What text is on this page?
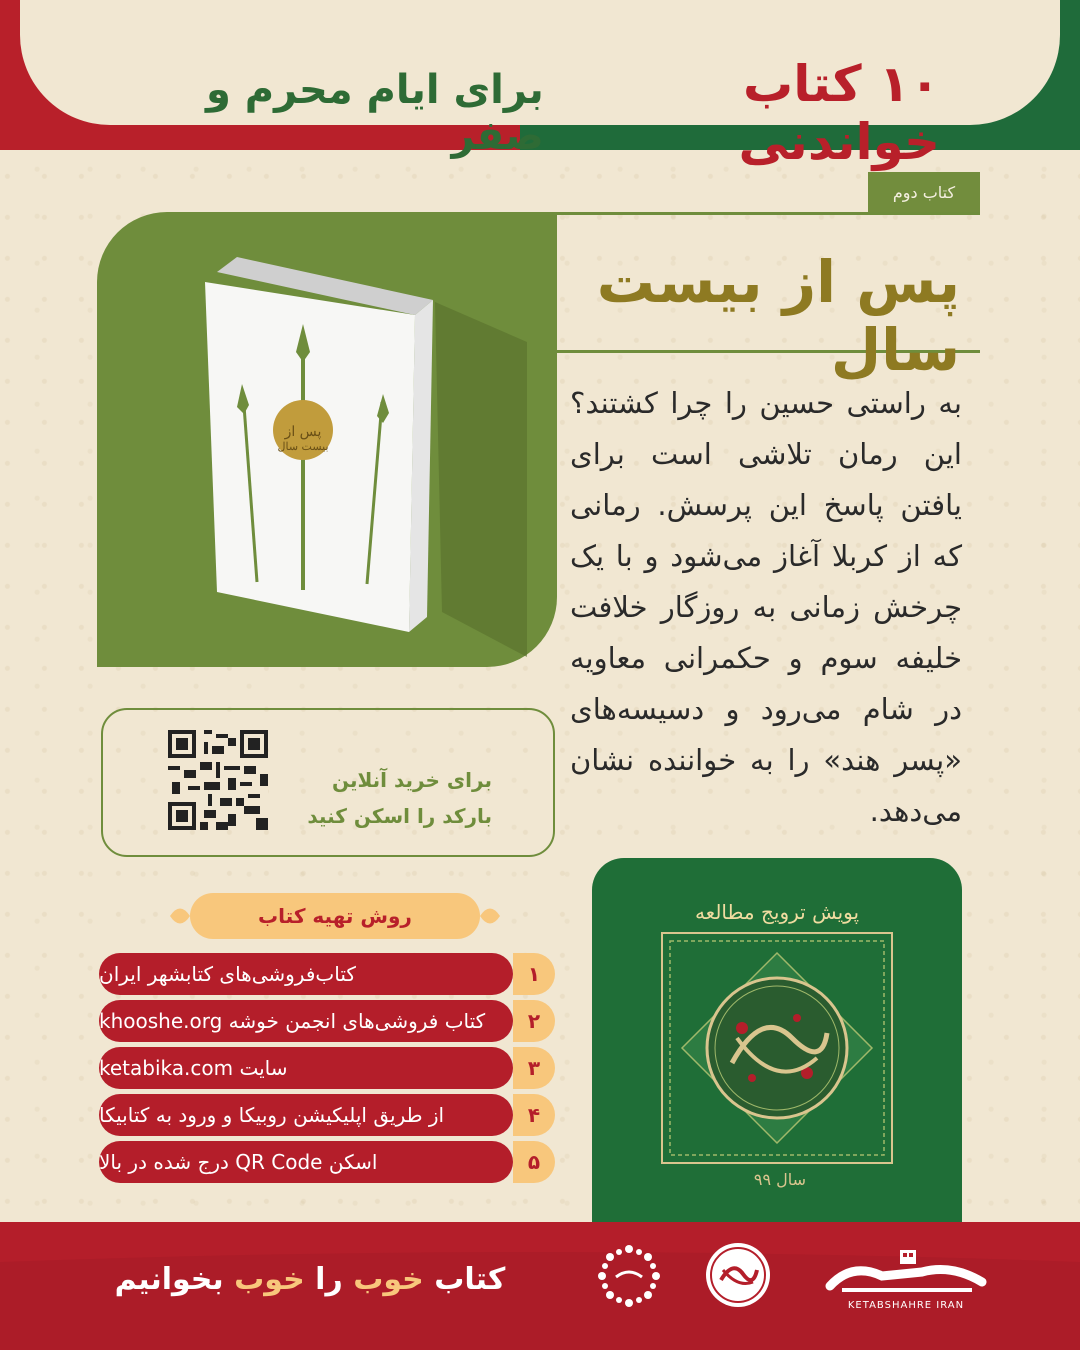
۱۰ کتاب خواندنی
برای ایام محرم و صفر
کتاب دوم
پس از
بیست سال
پس از بیست سال
به راستی حسین را چرا کشتند؟ این رمان تلاشی است برای یافتن پاسخ این پرسش. رمانی که از کربلا آغاز می‌شود و با یک چرخش زمانی به روزگار خلافت خلیفه سوم و حکمرانی معاویه در شام می‌رود و دسیسه‌های «پسر هند» را به خواننده نشان می‌دهد.
برای خرید آنلاین
بارکد را اسکن کنید
روش تهیه کتاب
کتاب‌فروشی‌های کتابشهر ایران	۱
کتاب فروشی‌های انجمن خوشه khooshe.org	۲
سایت ketabika.com	۳
از طریق اپلیکیشن روبیکا و ورود به کتابیکا	۴
اسکن QR Code درج شده در بالا	۵
پویش ترویج مطالعه
سال ۹۹
کتاب خوب را خوب بخوانیم
KETABSHAHRE IRAN
